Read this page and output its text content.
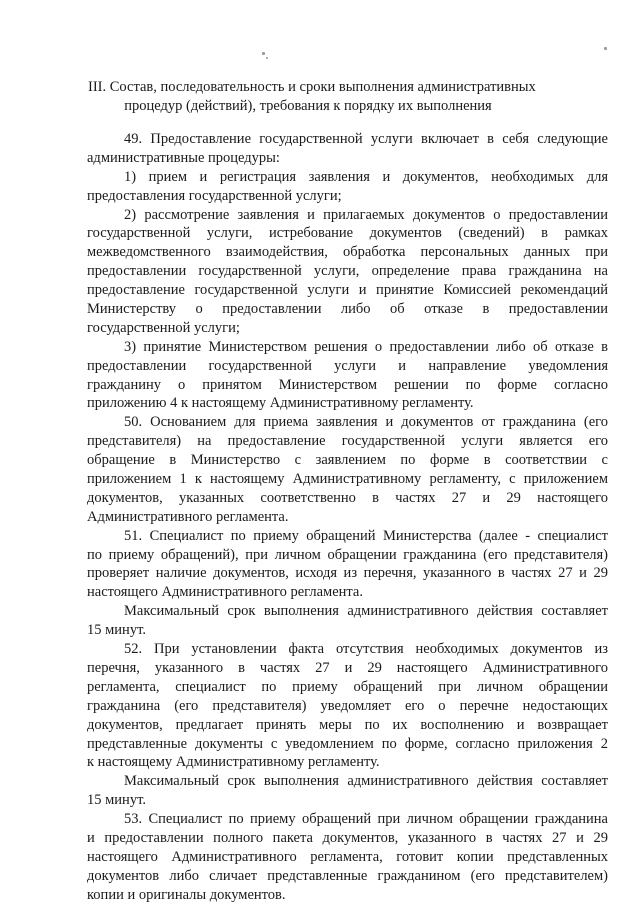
III. Состав, последовательность и сроки выполнения административных
процедур (действий), требования к порядку их выполнения
49. Предоставление государственной услуги включает в себя следующие
административные процедуры:
1) прием и регистрация заявления и документов, необходимых для
предоставления государственной услуги;
2) рассмотрение заявления и прилагаемых документов о предоставлении
государственной услуги, истребование документов (сведений) в рамках
межведомственного взаимодействия, обработка персональных данных при
предоставлении государственной услуги, определение права гражданина на
предоставление государственной услуги и принятие Комиссией рекомендаций
Министерству о предоставлении либо об отказе в предоставлении
государственной услуги;
3) принятие Министерством решения о предоставлении либо об отказе в
предоставлении государственной услуги и направление уведомления
гражданину о принятом Министерством решении по форме согласно
приложению 4 к настоящему Административному регламенту.
50. Основанием для приема заявления и документов от гражданина (его
представителя) на предоставление государственной услуги является его
обращение в Министерство с заявлением по форме в соответствии с
приложением 1 к настоящему Административному регламенту, с приложением
документов, указанных соответственно в частях 27 и 29 настоящего
Административного регламента.
51. Специалист по приему обращений Министерства (далее - специалист
по приему обращений), при личном обращении гражданина (его представителя)
проверяет наличие документов, исходя из перечня, указанного в частях 27 и 29
настоящего Административного регламента.
Максимальный срок выполнения административного действия составляет
15 минут.
52. При установлении факта отсутствия необходимых документов из
перечня, указанного в частях 27 и 29 настоящего Административного
регламента, специалист по приему обращений при личном обращении
гражданина (его представителя) уведомляет его о перечне недостающих
документов, предлагает принять меры по их восполнению и возвращает
представленные документы с уведомлением по форме, согласно приложения 2
к настоящему Административному регламенту.
Максимальный срок выполнения административного действия составляет
15 минут.
53. Специалист по приему обращений при личном обращении гражданина
и предоставлении полного пакета документов, указанного в частях 27 и 29
настоящего Административного регламента, готовит копии представленных
документов либо сличает представленные гражданином (его представителем)
копии и оригиналы документов.
